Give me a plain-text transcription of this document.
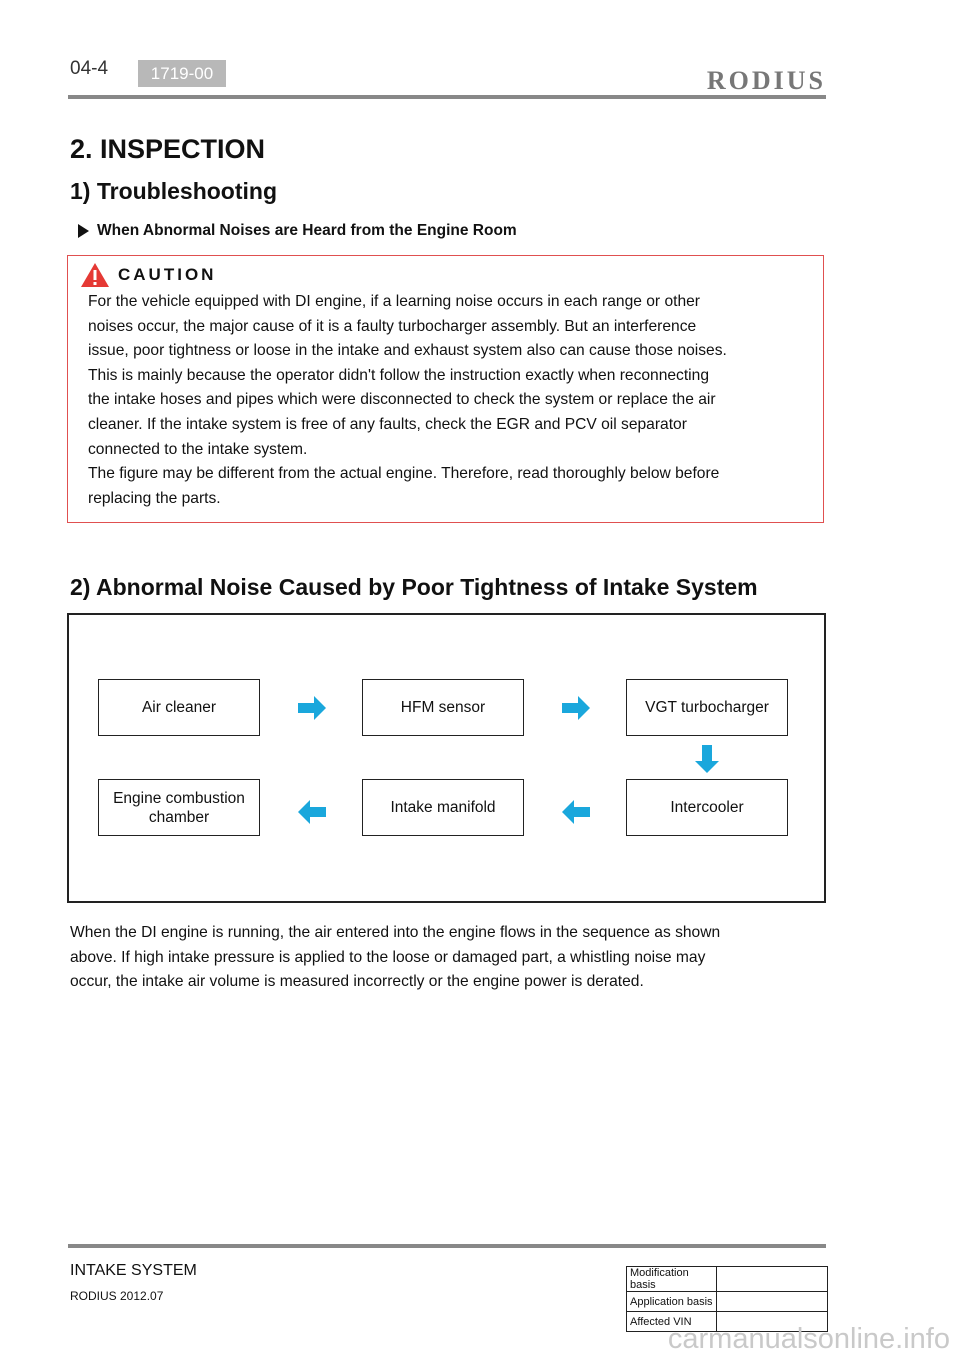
04-4	1719-00	RODIUS
2. INSPECTION
1) Troubleshooting
When Abnormal Noises are Heard from the Engine Room
CAUTION

For the vehicle equipped with DI engine, if a learning noise occurs in each range or other

noises occur, the major cause of it is a faulty turbocharger assembly. But an interference

issue, poor tightness or loose in the intake and exhaust system also can cause those noises.

This is mainly because the operator didn't follow the instruction exactly when reconnecting

the intake hoses and pipes which were disconnected to check the system or replace the air

cleaner. If the intake system is free of any faults, check the EGR and PCV oil separator

connected to the intake system.

The figure may be different from the actual engine. Therefore, read thoroughly below before

replacing the parts.

2) Abnormal Noise Caused by Poor Tightness of Intake System
Air cleaner	HFM sensor	VGT turbocharger
Intercooler
Intake manifold
Engine combustion chamber
When the DI engine is running, the air entered into the engine flows in the sequence as shown
above. If high intake pressure is applied to the loose or damaged part, a whistling noise may
occur, the intake air volume is measured incorrectly or the engine power is derated.
INTAKE SYSTEM
RODIUS 2012.07
Modification basis	
Application basis	
Affected VIN	
carmanualsonline.info
